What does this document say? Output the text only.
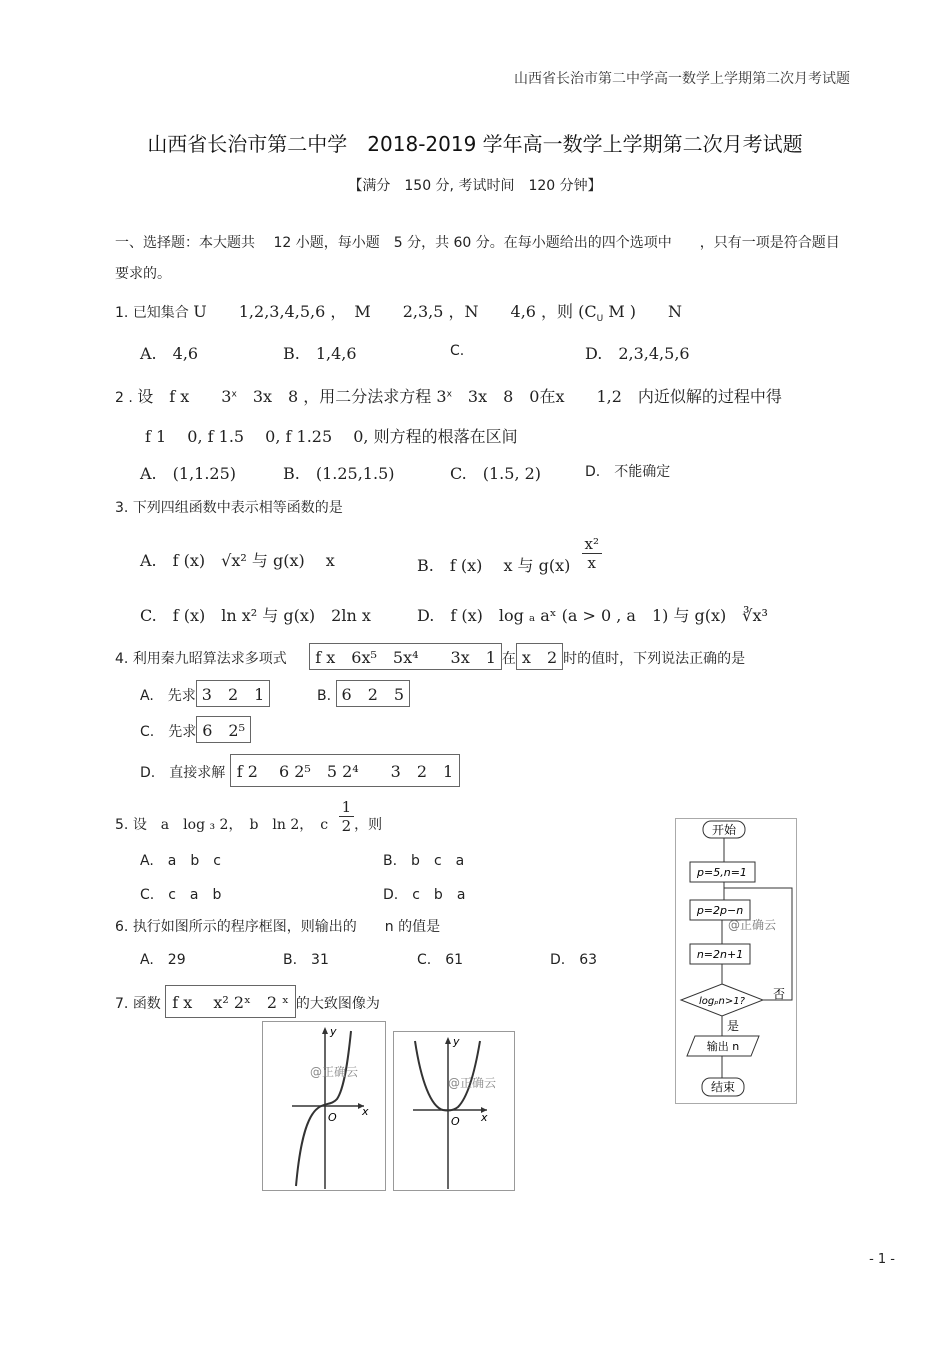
山西省长治市第二中学高一数学上学期第二次月考试题
山西省长治市第二中学　2018-2019 学年高一数学上学期第二次月考试题
【满分　150 分, 考试时间　120 分钟】
一、选择题：本大题共　 12 小题，每小题　5 分，共 60 分。在每小题给出的四个选项中　　，只有一项是符合题目
要求的。
1. 已知集合 U　　1,2,3,4,5,6 ，　M　　2,3,5 ，N　　4,6 ，则 ($C_U$ M )　　N
A.　4,6	B.　1,4,6	C.	D.　2,3,4,5,6
2 . 设　f x　　3$^x$　3x　8 ，用二分法求方程 3$^x$　3x　8　0在x　　1,2　内近似解的过程中得
f 1　 0, f 1.5　 0, f 1.25　 0, 则方程的根落在区间
A.　(1,1.25)	B.　(1.25,1.5)	C.　(1.5, 2)	D.　不能确定
3. 下列四组函数中表示相等函数的是
A.　f (x)　√x² 与 g(x)　 x	B.　f (x)　 x 与 $g(x) \frac{\text{x²}}{x}$
C.　f (x)　ln x² 与 g(x)　2ln x	D.　f (x)　log ₐ aˣ (a > 0 , a　1) 与 g(x)　∛x³
4. 利用秦九昭算法求多项式 f x　6x⁵　5x⁴　　3x　1 在 x　2 时的值时，下列说法正确的是
A.　先求 3　2　1	B. 6　2　5
C.　先求 6　2⁵
D.　直接求解 f 2　 6 2⁵　5 2⁴　　3　2　1
5. 设　a　log ₃ 2，　b　ln 2，　c $\frac{1}{2}$ ，则
A.　a　b　c	B.　b　c　a
C.　c　a　b	D.　c　b　a
6. 执行如图所示的程序框图，则输出的　　n 的值是
A.　29	B.　31	C.　61	D.　63
7. 函数 f x　 x² 2ˣ　2 ˣ 的大致图像为
y
x
O
@正确云
y
x
O
@正确云
开始
p=5,n=1
p=2p−n
@正确云
n=2n+1
logₚn>1?
否
是
输出 n
结束
- 1 -
